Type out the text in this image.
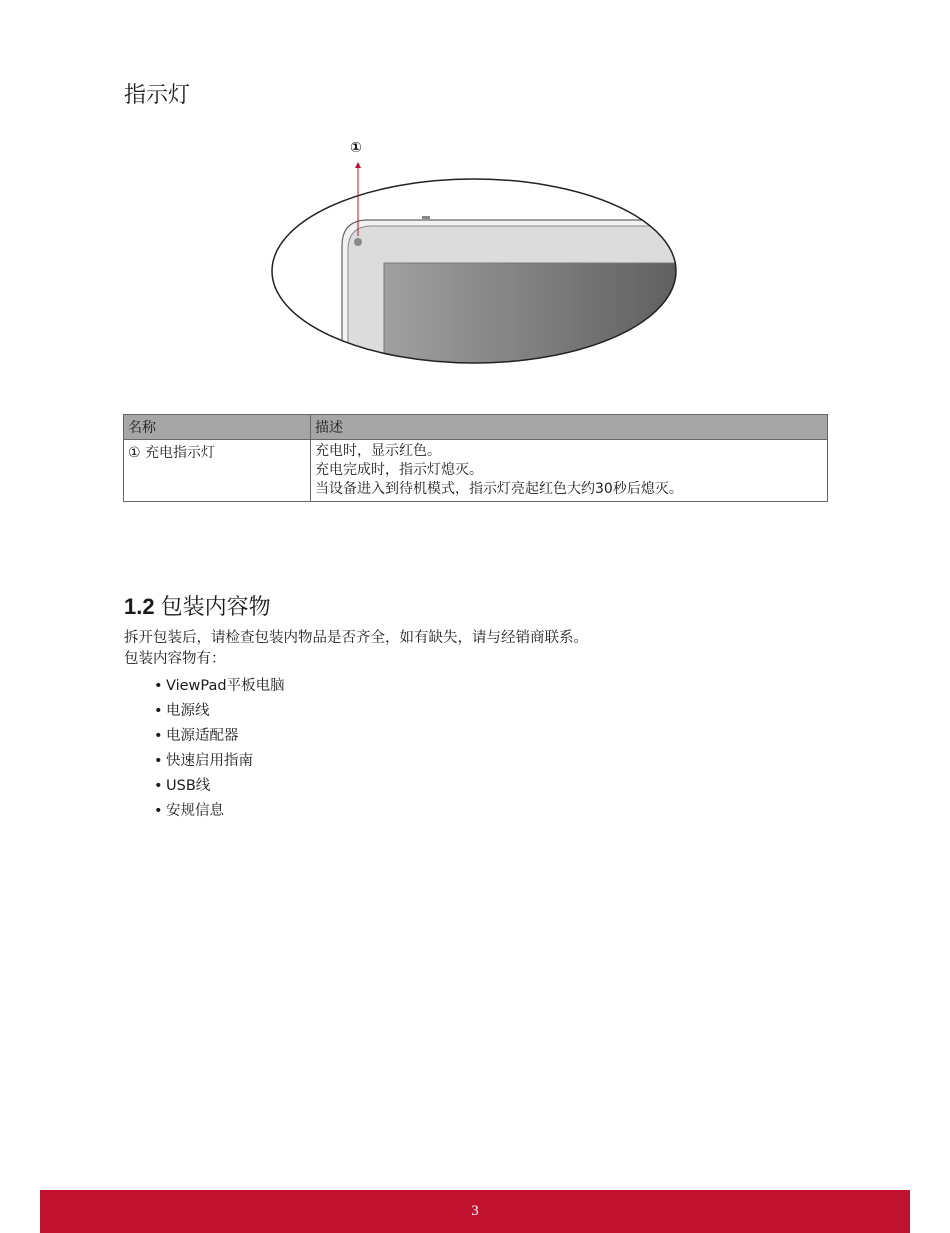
指示灯
①
名称	描述
① 充电指示灯	充电时，显示红色。
充电完成时，指示灯熄灭。
当设备进入到待机模式，指示灯亮起红色大约30秒后熄灭。
1.2 包装内容物
拆开包装后，请检查包装内物品是否齐全，如有缺失，请与经销商联系。
包装内容物有：
• ViewPad平板电脑
• 电源线
• 电源适配器
• 快速启用指南
• USB线
• 安规信息
3
